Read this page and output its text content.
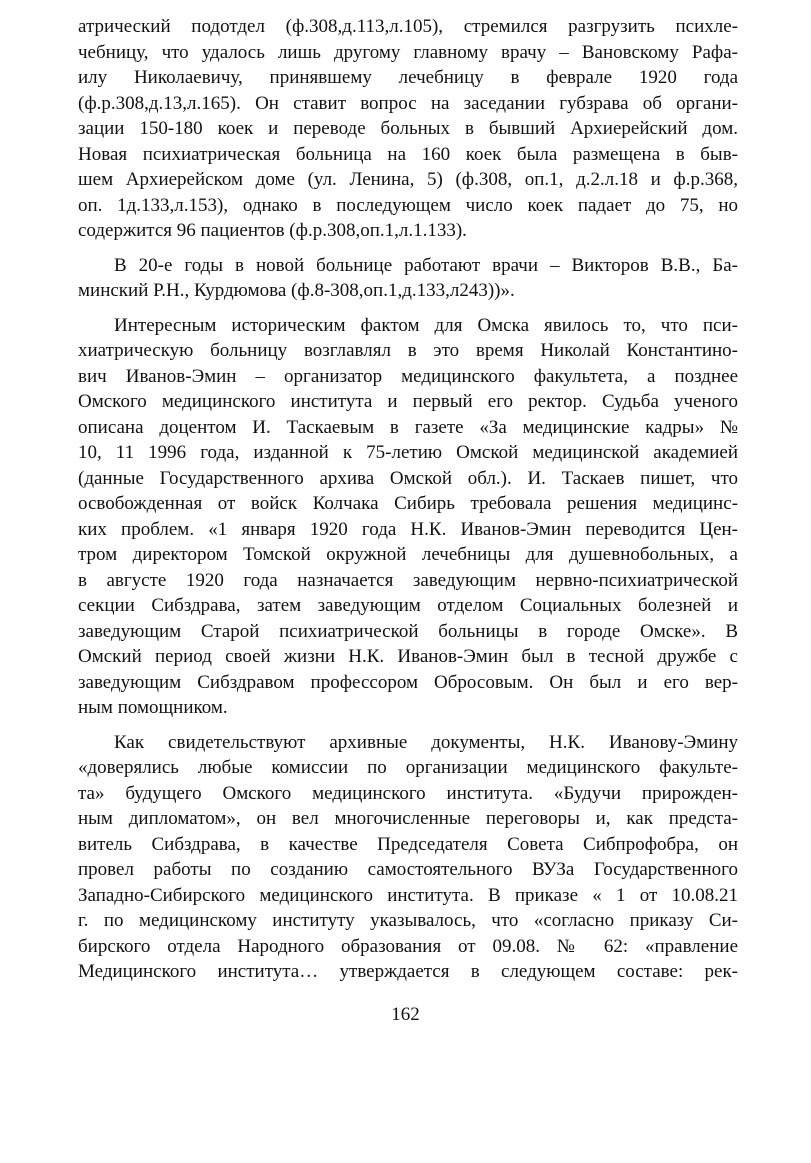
атрический подотдел (ф.308,д.113,л.105), стремился разгрузить психле-
чебницу, что удалось лишь другому главному врачу – Вановскому Рафа-
илу Николаевичу, принявшему лечебницу в феврале 1920 года
(ф.р.308,д.13,л.165). Он ставит вопрос на заседании губзрава об органи-
зации 150-180 коек и переводе больных в бывший Архиерейский дом.
Новая психиатрическая больница на 160 коек была размещена в быв-
шем Архиерейском доме (ул. Ленина, 5) (ф.308, оп.1, д.2.л.18 и ф.р.368,
оп. 1д.133,л.153), однако в последующем число коек падает до 75, но
содержится 96 пациентов (ф.р.308,оп.1,л.1.133).

В 20-е годы в новой больнице работают врачи – Викторов В.В., Ба-
минский Р.Н., Курдюмова (ф.8-308,оп.1,д.133,л243))».

Интересным историческим фактом для Омска явилось то, что пси-
хиатрическую больницу возглавлял в это время Николай Константино-
вич Иванов-Эмин – организатор медицинского факультета, а позднее
Омского медицинского института и первый его ректор. Судьба ученого
описана доцентом И. Таскаевым в газете «За медицинские кадры» №
10, 11 1996 года, изданной к 75-летию Омской медицинской академией
(данные Государственного архива Омской обл.). И. Таскаев пишет, что
освобожденная от войск Колчака Сибирь требовала решения медицинс-
ких проблем. «1 января 1920 года Н.К. Иванов-Эмин переводится Цен-
тром директором Томской окружной лечебницы для душевнобольных, а
в августе 1920 года назначается заведующим нервно-психиатрической
секции Сибздрава, затем заведующим отделом Социальных болезней и
заведующим Старой психиатрической больницы в городе Омске». В
Омский период своей жизни Н.К. Иванов-Эмин был в тесной дружбе с
заведующим Сибздравом профессором Обросовым. Он был и его вер-
ным помощником.

Как свидетельствуют архивные документы, Н.К. Иванову-Эмину
«доверялись любые комиссии по организации медицинского факульте-
та» будущего Омского медицинского института. «Будучи прирожден-
ным дипломатом», он вел многочисленные переговоры и, как предста-
витель Сибздрава, в качестве Председателя Совета Сибпрофобра, он
провел работы по созданию самостоятельного ВУЗа Государственного
Западно-Сибирского медицинского института. В приказе « 1 от 10.08.21
г. по медицинскому институту указывалось, что «согласно приказу Си-
бирского отдела Народного образования от 09.08. № 62: «правление
Медицинского института… утверждается в следующем составе: рек-

162
